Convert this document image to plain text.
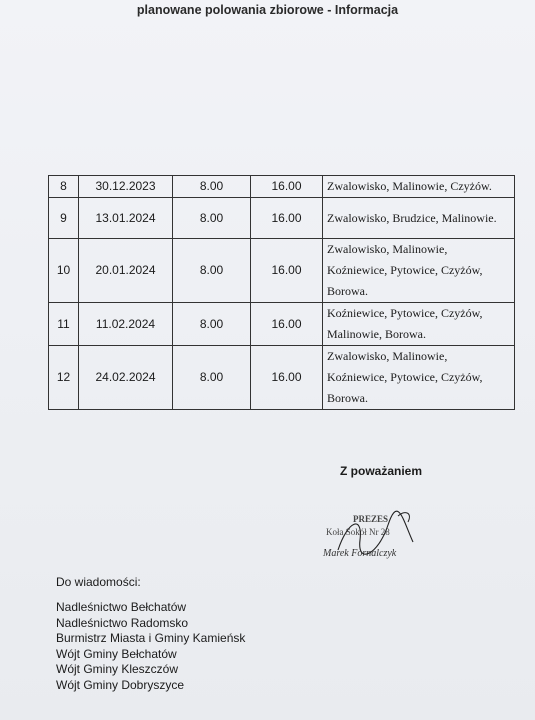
planowane polowania zbiorowe - Informacja
8	30.12.2023	8.00	16.00	Zwalowisko, Malinowie, Czyżów.
9	13.01.2024	8.00	16.00	Zwalowisko, Brudzice, Malinowie.
10	20.01.2024	8.00	16.00	Zwalowisko, Malinowie,
Koźniewice, Pytowice, Czyżów,
Borowa.
11	11.02.2024	8.00	16.00	Koźniewice, Pytowice, Czyżów,
Malinowie, Borowa.
12	24.02.2024	8.00	16.00	Zwalowisko, Malinowie,
Koźniewice, Pytowice, Czyżów,
Borowa.
Z poważaniem
PREZES
Koła Sokół Nr 28
Marek Fornalczyk
Do wiadomości:
Nadleśnictwo Bełchatów
Nadleśnictwo Radomsko
Burmistrz Miasta i Gminy Kamieńsk
Wójt Gminy Bełchatów
Wójt Gminy Kleszczów
Wójt Gminy Dobryszyce
